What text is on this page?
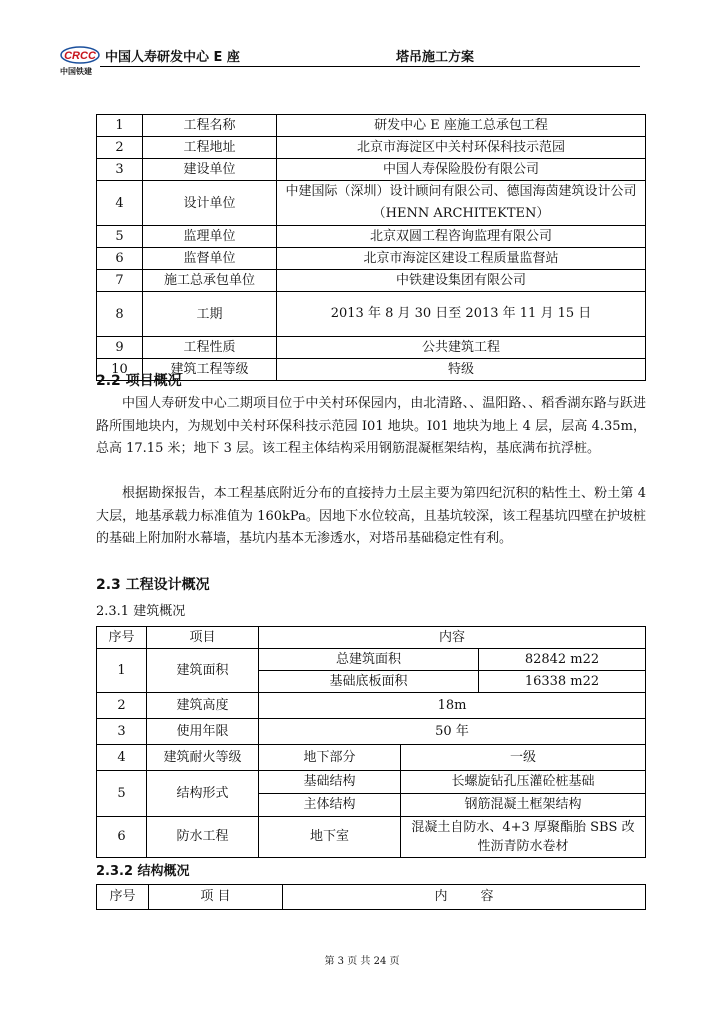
CRCC
中国铁建
中国人寿研发中心 E 座	塔吊施工方案
1	工程名称	研发中心 E 座施工总承包工程
2	工程地址	北京市海淀区中关村环保科技示范园
3	建设单位	中国人寿保险股份有限公司
4	设计单位	中建国际（深圳）设计顾问有限公司、德国海茵建筑设计公司（HENN ARCHITEKTEN）
5	监理单位	北京双圆工程咨询监理有限公司
6	监督单位	北京市海淀区建设工程质量监督站
7	施工总承包单位	中铁建设集团有限公司
8	工期	2013 年 8 月 30 日至 2013 年 11 月 15 日
9	工程性质	公共建筑工程
10	建筑工程等级	特级
2.2 项目概况

中国人寿研发中心二期项目位于中关村环保园内，由北清路、、温阳路、、稻香湖东路与跃进路所围地块内，为规划中关村环保科技示范园 I01 地块。I01 地块为地上 4 层，层高 4.35m，总高 17.15 米；地下 3 层。该工程主体结构采用钢筋混凝框架结构，基底满布抗浮桩。

根据勘探报告，本工程基底附近分布的直接持力土层主要为第四纪沉积的粘性土、粉土第 4 大层，地基承载力标准值为 160kPa。因地下水位较高，且基坑较深，该工程基坑四壁在护坡桩的基础上附加附水幕墙，基坑内基本无渗透水，对塔吊基础稳定性有利。

2.3 工程设计概况
2.3.1 建筑概况
序号	项目	内容		
1	建筑面积	总建筑面积		82842 m22
		基础底板面积		16338 m22
2	建筑高度	18m		
3	使用年限	50 年		
4	建筑耐火等级	地下部分	一级	
5	结构形式	基础结构	长螺旋钻孔压灌砼桩基础	
		主体结构	钢筋混凝土框架结构	
6	防水工程	地下室	混凝土自防水、4+3 厚聚酯胎 SBS 改性沥青防水卷材	
2.3.2 结构概况
序号	项 目	内        容
第 3 页 共 24 页
